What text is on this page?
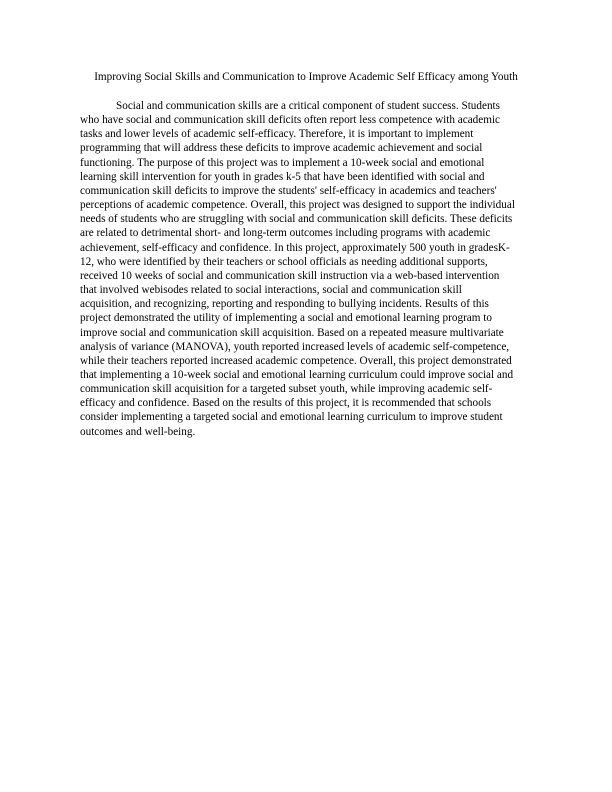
Improving Social Skills and Communication to Improve Academic Self Efficacy among Youth

Social and communication skills are a critical component of student success. Students
who have social and communication skill deficits often report less competence with academic
tasks and lower levels of academic self-efficacy. Therefore, it is important to implement
programming that will address these deficits to improve academic achievement and social
functioning. The purpose of this project was to implement a 10-week social and emotional
learning skill intervention for youth in grades k-5 that have been identified with social and
communication skill deficits to improve the students' self-efficacy in academics and teachers'
perceptions of academic competence. Overall, this project was designed to support the individual
needs of students who are struggling with social and communication skill deficits. These deficits
are related to detrimental short- and long-term outcomes including programs with academic
achievement, self-efficacy and confidence. In this project, approximately 500 youth in gradesK-
12, who were identified by their teachers or school officials as needing additional supports,
received 10 weeks of social and communication skill instruction via a web-based intervention
that involved webisodes related to social interactions, social and communication skill
acquisition, and recognizing, reporting and responding to bullying incidents. Results of this
project demonstrated the utility of implementing a social and emotional learning program to
improve social and communication skill acquisition. Based on a repeated measure multivariate
analysis of variance (MANOVA), youth reported increased levels of academic self-competence,
while their teachers reported increased academic competence. Overall, this project demonstrated
that implementing a 10-week social and emotional learning curriculum could improve social and
communication skill acquisition for a targeted subset youth, while improving academic self-
efficacy and confidence. Based on the results of this project, it is recommended that schools
consider implementing a targeted social and emotional learning curriculum to improve student
outcomes and well-being.
